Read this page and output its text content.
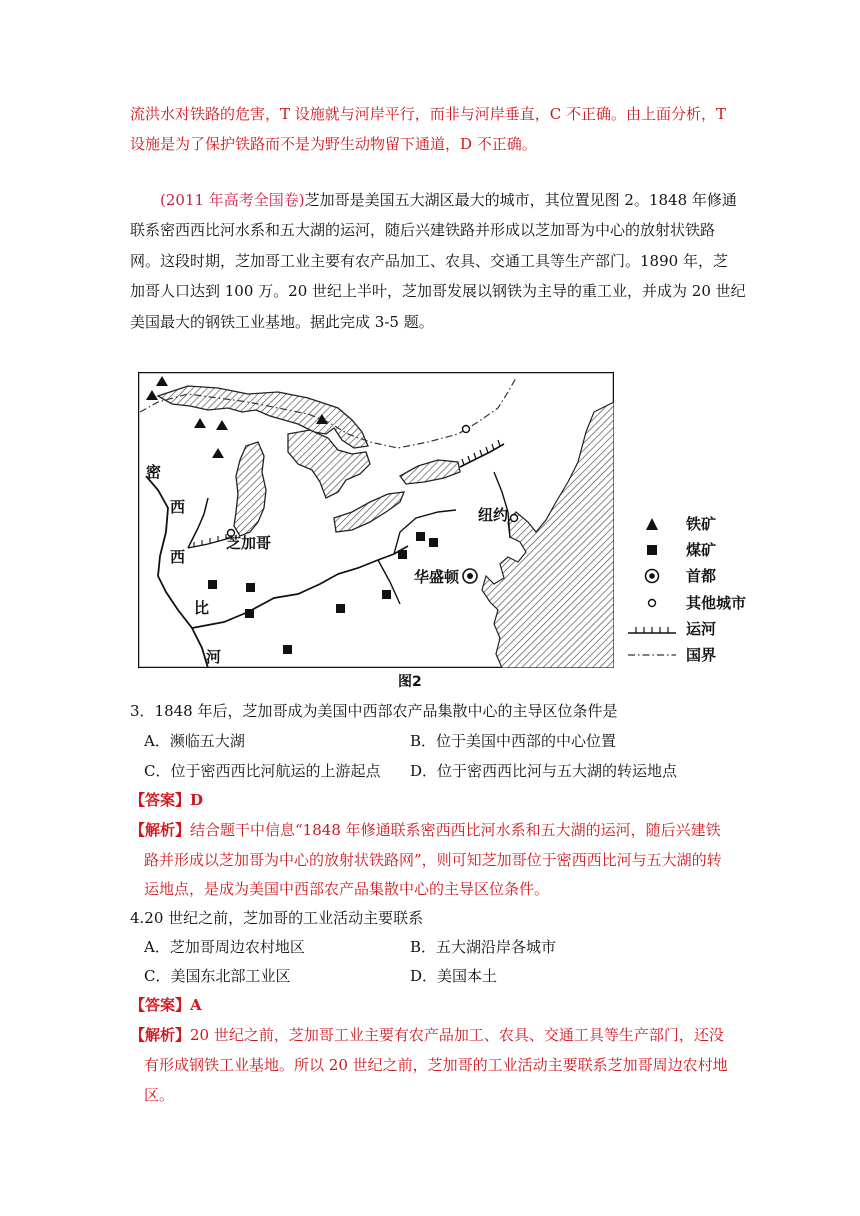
流洪水对铁路的危害，T 设施就与河岸平行，而非与河岸垂直，C 不正确。由上面分析，T
设施是为了保护铁路而不是为野生动物留下通道，D 不正确。
(2011 年高考全国卷)芝加哥是美国五大湖区最大的城市，其位置见图 2。1848 年修通
联系密西西比河水系和五大湖的运河，随后兴建铁路并形成以芝加哥为中心的放射状铁路
网。这段时期，芝加哥工业主要有农产品加工、农具、交通工具等生产部门。1890 年，芝
加哥人口达到 100 万。20 世纪上半叶，芝加哥发展以钢铁为主导的重工业，并成为 20 世纪
美国最大的钢铁工业基地。据此完成 3-5 题。
密
西
西
比
河
芝加哥
纽约
华盛顿
铁矿
煤矿
首都
其他城市
运河
国界
图2
3．1848 年后，芝加哥成为美国中西部农产品集散中心的主导区位条件是
A．濒临五大湖	B．位于美国中西部的中心位置
C．位于密西西比河航运的上游起点 D．位于密西西比河与五大湖的转运地点
【答案】D
【解析】结合题干中信息“1848 年修通联系密西西比河水系和五大湖的运河，随后兴建铁
路并形成以芝加哥为中心的放射状铁路网”，则可知芝加哥位于密西西比河与五大湖的转
运地点，是成为美国中西部农产品集散中心的主导区位条件。
4.20 世纪之前，芝加哥的工业活动主要联系
A．芝加哥周边农村地区	B．五大湖沿岸各城市
C．美国东北部工业区	D．美国本土
【答案】A
【解析】20 世纪之前，芝加哥工业主要有农产品加工、农具、交通工具等生产部门，还没
有形成钢铁工业基地。所以 20 世纪之前，芝加哥的工业活动主要联系芝加哥周边农村地
区。
